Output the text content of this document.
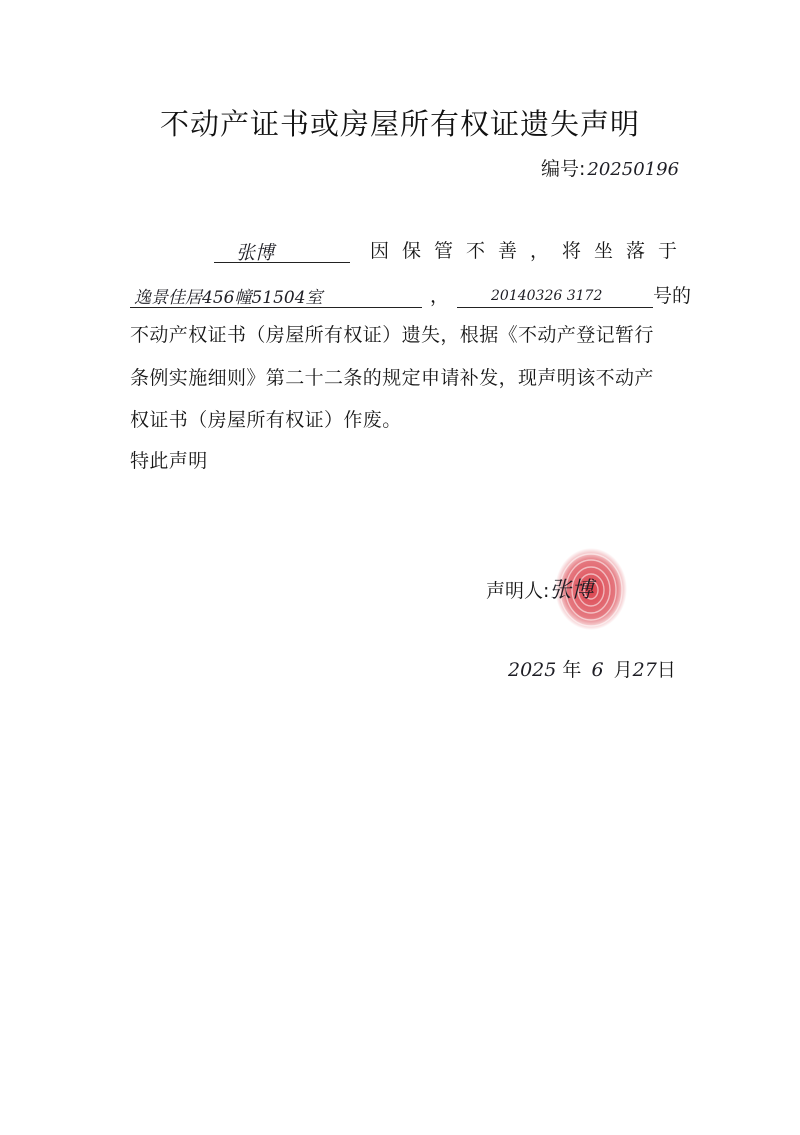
不动产证书或房屋所有权证遗失声明
编号: 20250196
张博	因保管不善，将坐落于
逸景佳居456幢51504室	，	20140326 3172	号的
不动产权证书（房屋所有权证）遗失，根据《不动产登记暂行
条例实施细则》第二十二条的规定申请补发，现声明该不动产
权证书（房屋所有权证）作废。
特此声明
声明人:张博
2025 年 6 月27日
